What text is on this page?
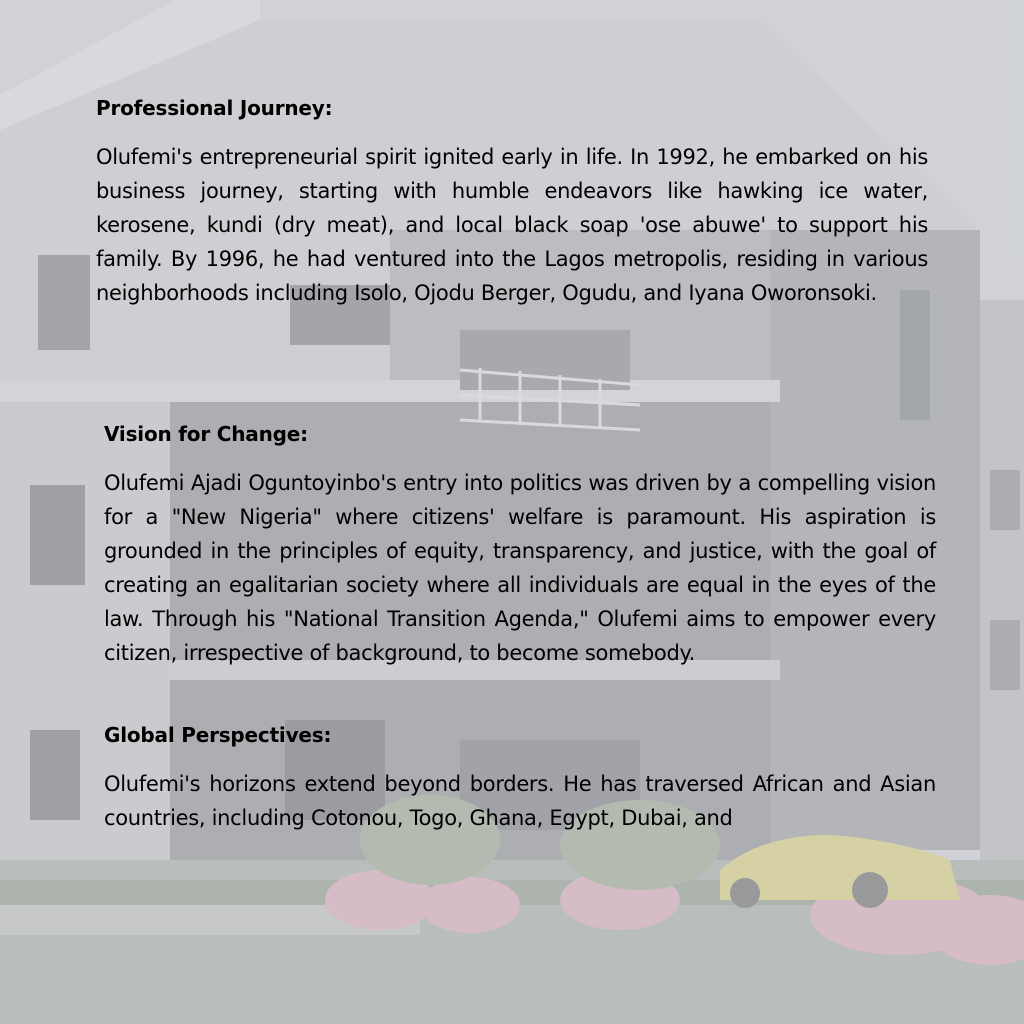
Professional Journey:

Olufemi's entrepreneurial spirit ignited early in life. In 1992, he embarked on his business journey, starting with humble endeavors like hawking ice water, kerosene, kundi (dry meat), and local black soap 'ose abuwe' to support his family. By 1996, he had ventured into the Lagos metropolis, residing in various neighborhoods including Isolo, Ojodu Berger, Ogudu, and Iyana Oworonsoki.

Vision for Change:

Olufemi Ajadi Oguntoyinbo's entry into politics was driven by a compelling vision for a "New Nigeria" where citizens' welfare is paramount. His aspiration is grounded in the principles of equity, transparency, and justice, with the goal of creating an egalitarian society where all individuals are equal in the eyes of the law. Through his "National Transition Agenda," Olufemi aims to empower every citizen, irrespective of background, to become somebody.

Global Perspectives:

Olufemi's horizons extend beyond borders. He has traversed African and Asian countries, including Cotonou, Togo, Ghana, Egypt, Dubai, and
